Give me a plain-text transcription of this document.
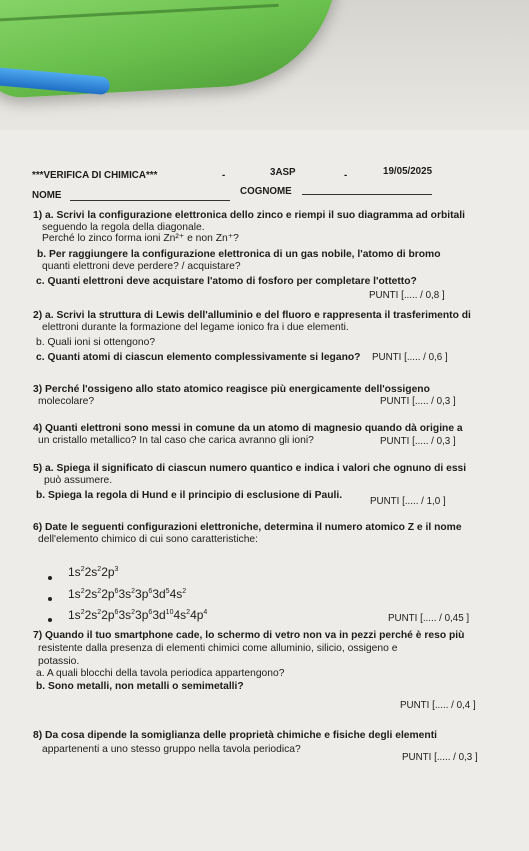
***VERIFICA DI CHIMICA***	-	3ASP	-	19/05/2025
NOME	COGNOME
1) a. Scrivi la configurazione elettronica dello zinco e riempi il suo diagramma ad orbitali
seguendo la regola della diagonale.
Perché lo zinco forma ioni Zn²⁺ e non Zn⁺?
b. Per raggiungere la configurazione elettronica di un gas nobile, l'atomo di bromo
quanti elettroni deve perdere? / acquistare?
c. Quanti elettroni deve acquistare l'atomo di fosforo per completare l'ottetto?
PUNTI [..... / 0,8 ]
2) a. Scrivi la struttura di Lewis dell'alluminio e del fluoro e rappresenta il trasferimento di
elettroni durante la formazione del legame ionico fra i due elementi.
b. Quali ioni si ottengono?
c. Quanti atomi di ciascun elemento complessivamente si legano? PUNTI [..... / 0,6 ]
3) Perché l'ossigeno allo stato atomico reagisce più energicamente dell'ossigeno
molecolare?	PUNTI [..... / 0,3 ]
4) Quanti elettroni sono messi in comune da un atomo di magnesio quando dà origine a
un cristallo metallico? In tal caso che carica avranno gli ioni?	PUNTI [..... / 0,3 ]
5) a. Spiega il significato di ciascun numero quantico e indica i valori che ognuno di essi
può assumere.
b. Spiega la regola di Hund e il principio di esclusione di Pauli.
PUNTI [..... / 1,0 ]
6) Date le seguenti configurazioni elettroniche, determina il numero atomico Z e il nome
dell'elemento chimico di cui sono caratteristiche:
$1s^22s^22p^3$
$1s^22s^22p^63s^23p^63d^54s^2$
$1s^22s^22p^63s^23p^63d^{10}4s^24p^4$
PUNTI [..... / 0,45 ]
7) Quando il tuo smartphone cade, lo schermo di vetro non va in pezzi perché è reso più
resistente dalla presenza di elementi chimici come alluminio, silicio, ossigeno e
potassio.
a. A quali blocchi della tavola periodica appartengono?
b. Sono metalli, non metalli o semimetalli?
PUNTI [..... / 0,4 ]
8) Da cosa dipende la somiglianza delle proprietà chimiche e fisiche degli elementi
appartenenti a uno stesso gruppo nella tavola periodica?
PUNTI [..... / 0,3 ]
